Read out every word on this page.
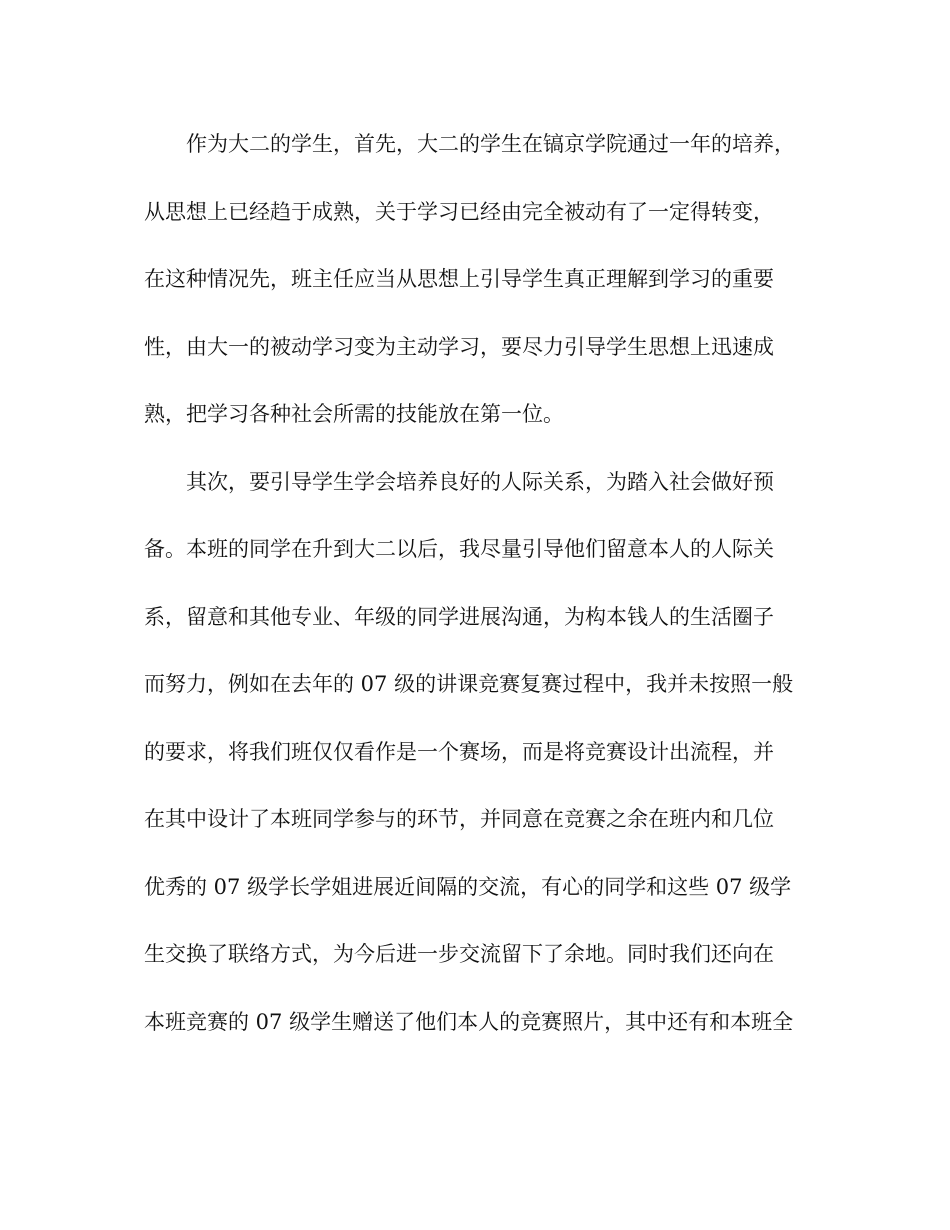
作为大二的学生，首先，大二的学生在镐京学院通过一年的培养，
从思想上已经趋于成熟，关于学习已经由完全被动有了一定得转变，
在这种情况先，班主任应当从思想上引导学生真正理解到学习的重要
性，由大一的被动学习变为主动学习，要尽力引导学生思想上迅速成
熟，把学习各种社会所需的技能放在第一位。
其次，要引导学生学会培养良好的人际关系，为踏入社会做好预
备。本班的同学在升到大二以后，我尽量引导他们留意本人的人际关
系，留意和其他专业、年级的同学进展沟通，为构本钱人的生活圈子
而努力，例如在去年的 07 级的讲课竞赛复赛过程中，我并未按照一般
的要求，将我们班仅仅看作是一个赛场，而是将竞赛设计出流程，并
在其中设计了本班同学参与的环节，并同意在竞赛之余在班内和几位
优秀的 07 级学长学姐进展近间隔的交流，有心的同学和这些 07 级学
生交换了联络方式，为今后进一步交流留下了余地。同时我们还向在
本班竞赛的 07 级学生赠送了他们本人的竞赛照片，其中还有和本班全
